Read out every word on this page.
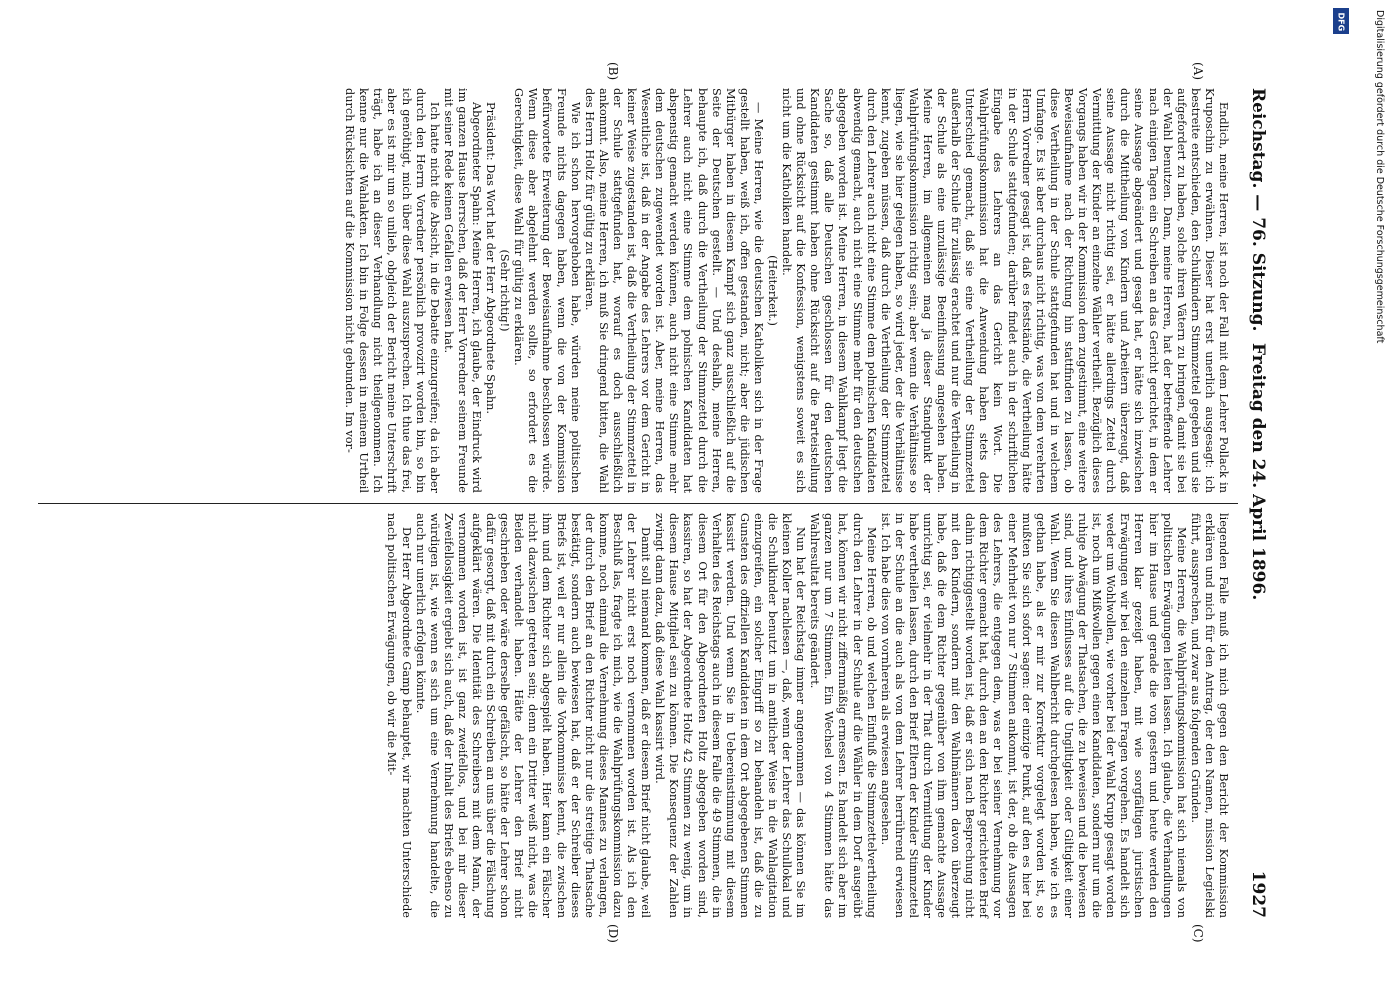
Reichstag. — 76. Sitzung.
Freitag den 24. April 1896.
1927
(A)
(B)
(C)
(D)

Endlich, meine Herren, ist noch der Fall mit dem Lehrer Pollack in Kruposchin zu erwähnen. Dieser hat erst unerlich ausgesagt: ich bestreite entschieden, den Schulkindern Stimmzettel gegeben und sie aufgefordert zu haben, solche ihren Vätern zu bringen, damit sie bei der Wahl benutzen. Dann, meine Herren, hat der betreffende Lehrer nach einigen Tagen ein Schreiben an das Gericht gerichtet, in dem er seine Aussage abgeändert und gesagt hat, er hätte sich inzwischen durch die Mittheilung von Kindern und Arbeitern überzeugt, daß seine Aussage nicht richtig sei, er hätte allerdings Zettel durch Vermittlung der Kinder an einzelne Wähler vertheilt. Bezüglich dieses Vorgangs haben wir in der Kommission dem zugestimmt, eine weitere Beweisaufnahme nach der Richtung hin stattfinden zu lassen, ob diese Vertheilung in der Schule stattgefunden hat und in welchem Umfange. Es ist aber durchaus nicht richtig, was von dem verehrten Herrn Vorredner gesagt ist, daß es feststände, die Vertheilung hätte in der Schule stattgefunden; darüber findet auch in der schriftlichen Eingabe des Lehrers an das Gericht kein Wort. Die Wahlprüfungskommission hat die Anwendung haben stets den Unterschied gemacht, daß sie eine Vertheilung der Stimmzettel außerhalb der Schule für zulässig erachtet und nur die Vertheilung in der Schule als eine unzulässige Beeinflussung angesehen haben. Meine Herren, im allgemeinen mag ja dieser Standpunkt der Wahlprüfungskommission richtig sein; aber wenn die Verhältnisse so liegen, wie sie hier gelegen haben, so wird jeder, der die Verhältnisse kennt, zugeben müssen, daß durch die Vertheilung der Stimmzettel durch den Lehrer auch nicht eine Stimme dem polnischen Kandidaten abwendig gemacht, auch nicht eine Stimme mehr für den deutschen abgegeben worden ist. Meine Herren, in diesem Wahlkampf liegt die Sache so, daß alle Deutschen geschlossen für den deutschen Kandidaten gestimmt haben ohne Rücksicht auf die Parteistellung und ohne Rücksicht auf die Konfession, wenigstens soweit es sich nicht um die Katholiken handelt.

(Heiterkeit.)

— Meine Herren, wie die deutschen Katholiken sich in der Frage gestellt haben, weiß ich, offen gestanden, nicht; aber die jüdischen Mitbürger haben in diesem Kampf sich ganz ausschließlich auf die Seite der Deutschen gestellt. — Und deshalb, meine Herren, behaupte ich, daß durch die Vertheilung der Stimmzettel durch die Lehrer auch nicht eine Stimme dem polnischen Kandidaten hat abspenstig gemacht werden können, auch nicht eine Stimme mehr dem deutschen zugewendet worden ist. Aber, meine Herren, das Wesentliche ist, daß in der Angabe des Lehrers vor dem Gericht in keiner Weise zugestanden ist, daß die Vertheilung der Stimmzettel in der Schule stattgefunden hat, worauf es doch ausschließlich ankommt. Also, meine Herren, ich muß Sie dringend bitten, die Wahl des Herrn Holtz für gültig zu erklären.

Wie ich schon hervorgehoben habe, würden meine politischen Freunde nichts dagegen haben, wenn die von der Kommission befürwortete Erweiterung der Beweisaufnahme beschlossen würde. Wenn diese aber abgelehnt werden sollte, so erfordert es die Gerechtigkeit, diese Wahl für gültig zu erklären.

(Sehr richtig!)

Präsident: Das Wort hat der Herr Abgeordnete Spahn.

Abgeordneter Spahn: Meine Herren, ich glaube, der Eindruck wird im ganzen Hause herrschen, daß der Herr Vorredner seinem Freunde mit seiner Rede keinen Gefallen erwiesen hat.

Ich hatte nicht die Absicht, in die Debatte einzugreifen; da ich aber durch den Herrn Vorredner persönlich provozirt worden bin, so bin ich genöthigt, mich über diese Wahl auszusprechen. Ich thue das frei, aber es ist mir um so unlieb, obgleich der Bericht meine Unterschrift trägt, habe ich an dieser Verhandlung nicht theilgenommen. Ich kenne nur die Wahlakten. Ich bin in Folge dessen in meinem Urtheil durch Rücksichten auf die Kommission nicht gebunden. Im vor-

liegenden Falle muß ich mich gegen den Bericht der Kommission erklären und mich für den Antrag, der den Namen, mission Legielski führt, aussprechen, und zwar aus folgenden Gründen.

Meine Herren, die Wahlprüfungskommission hat sich niemals von politischen Erwägungen leiten lassen. Ich glaube, die Verhandlungen hier im Hause und gerade die von gestern und heute werden den Herren klar gezeigt haben, mit wie sorgfältigen juristischen Erwägungen wir bei den einzelnen Fragen vorgehen. Es handelt sich weder um Wohlwollen, wie vorher bei der Wahl Krupp gesagt worden ist, noch um Mißwollen gegen einen Kandidaten, sondern nur um die ruhige Abwägung der Thatsachen, die zu beweisen und die bewiesen sind, und ihres Einflusses auf die Ungiltigkeit oder Giltigkeit einer Wahl. Wenn Sie diesen Wahlbericht durchgelesen haben, wie ich es gethan habe, als er mir zur Korrektur vorgelegt worden ist, so mußten Sie sich sofort sagen: der einzige Punkt, auf den es hier bei einer Mehrheit von nur 7 Stimmen ankommt, ist der, ob die Aussagen des Lehrers, die entgegen dem, was er bei seiner Vernehmung vor dem Richter gemacht hat, durch den an den Richter gerichteten Brief dahin richtiggestellt worden ist, daß er sich nach Besprechung nicht mit den Kindern, sondern mit den Wahlmännern davon überzeugt habe, daß die dem Richter gegenüber von ihm gemachte Aussage unrichtig sei, er vielmehr in der That durch Vermittlung der Kinder habe vertheilen lassen, durch den Brief Eltern der Kinder Stimmzettel in der Schule an die auch als von dem Lehrer herrührend erwiesen ist. Ich habe dies von vornherein als erwiesen angesehen.

Meine Herren, ob und welchen Einfluß die Stimmzettelvertheilung durch den Lehrer in der Schule auf die Wähler in dem Dorf ausgeübt hat, können wir nicht ziffernmäßig ermessen. Es handelt sich aber im ganzen nur um 7 Stimmen. Ein Wechsel von 4 Stimmen hätte das Wahlresultat bereits geändert.

Nun hat der Reichstag immer angenommen — das können Sie im kleinen Koller nachlesen —, daß, wenn der Lehrer das Schullokal und die Schulkinder benutzt um in amtlicher Weise in die Wahlagitation einzugreifen, ein solcher Eingriff so zu behandeln ist, daß die zu Gunsten des offiziellen Kandidaten in dem Ort abgegebenen Stimmen kassirt werden. Und wenn Sie in Uebereinstimmung mit diesem Verhalten des Reichstags auch in diesem Falle die 49 Stimmen, die in diesem Ort für den Abgeordneten Holtz abgegeben worden sind, kassiren, so hat der Abgeordnete Holtz 42 Stimmen zu wenig, um in diesem Hause Mitglied sein zu können. Die Konsequenz der Zahlen zwingt dann dazu, daß diese Wahl kassirt wird.

Damit soll niemand kommen, daß er diesem Brief nicht glaube, weil der Lehrer nicht erst noch vernommen worden ist. Als ich den Beschluß las, fragte ich mich, wie die Wahlprüfungskommission dazu komme, noch einmal die Vernehmung dieses Mannes zu verlangen, der durch den Brief an den Richter nicht nur die streitige Thatsache bestätigt, sondern auch bewiesen hat, daß er der Schreiber dieses Briefs ist, weil er nur allein die Vorkommnisse kennt, die zwischen ihm und dem Richter sich abgespielt haben. Hier kann ein Fälscher nicht dazwischen getreten sein; denn ein Dritter weiß nicht, was die Beiden verhandelt haben. Hätte der Lehrer den Brief nicht geschrieben oder wäre derselbe gefälscht, so hätte der Lehrer schon dafür gesorgt, daß mit durch ein Schreiben an uns über die Fälschung aufgeklärt wären. Die Identität des Schreibers mit dem Mann, der vernommen worden ist, ist ganz zweifellos, und bei mir dieser Zweifellosigkeit ergiebt sich auch, daß der Inhalt des Briefs ebenso zu würdigen ist, wie wenn es sich um eine Vernehmung handelte, die auch nur unerlich erfolgen könnte.

Der Herr Abgeordnete Gamp behauptet, wir machten Unterschiede nach politischen Erwägungen, ob wir die Mit-

DFG	Digitalisierung gefördert durch die Deutsche Forschungsgemeinschaft
